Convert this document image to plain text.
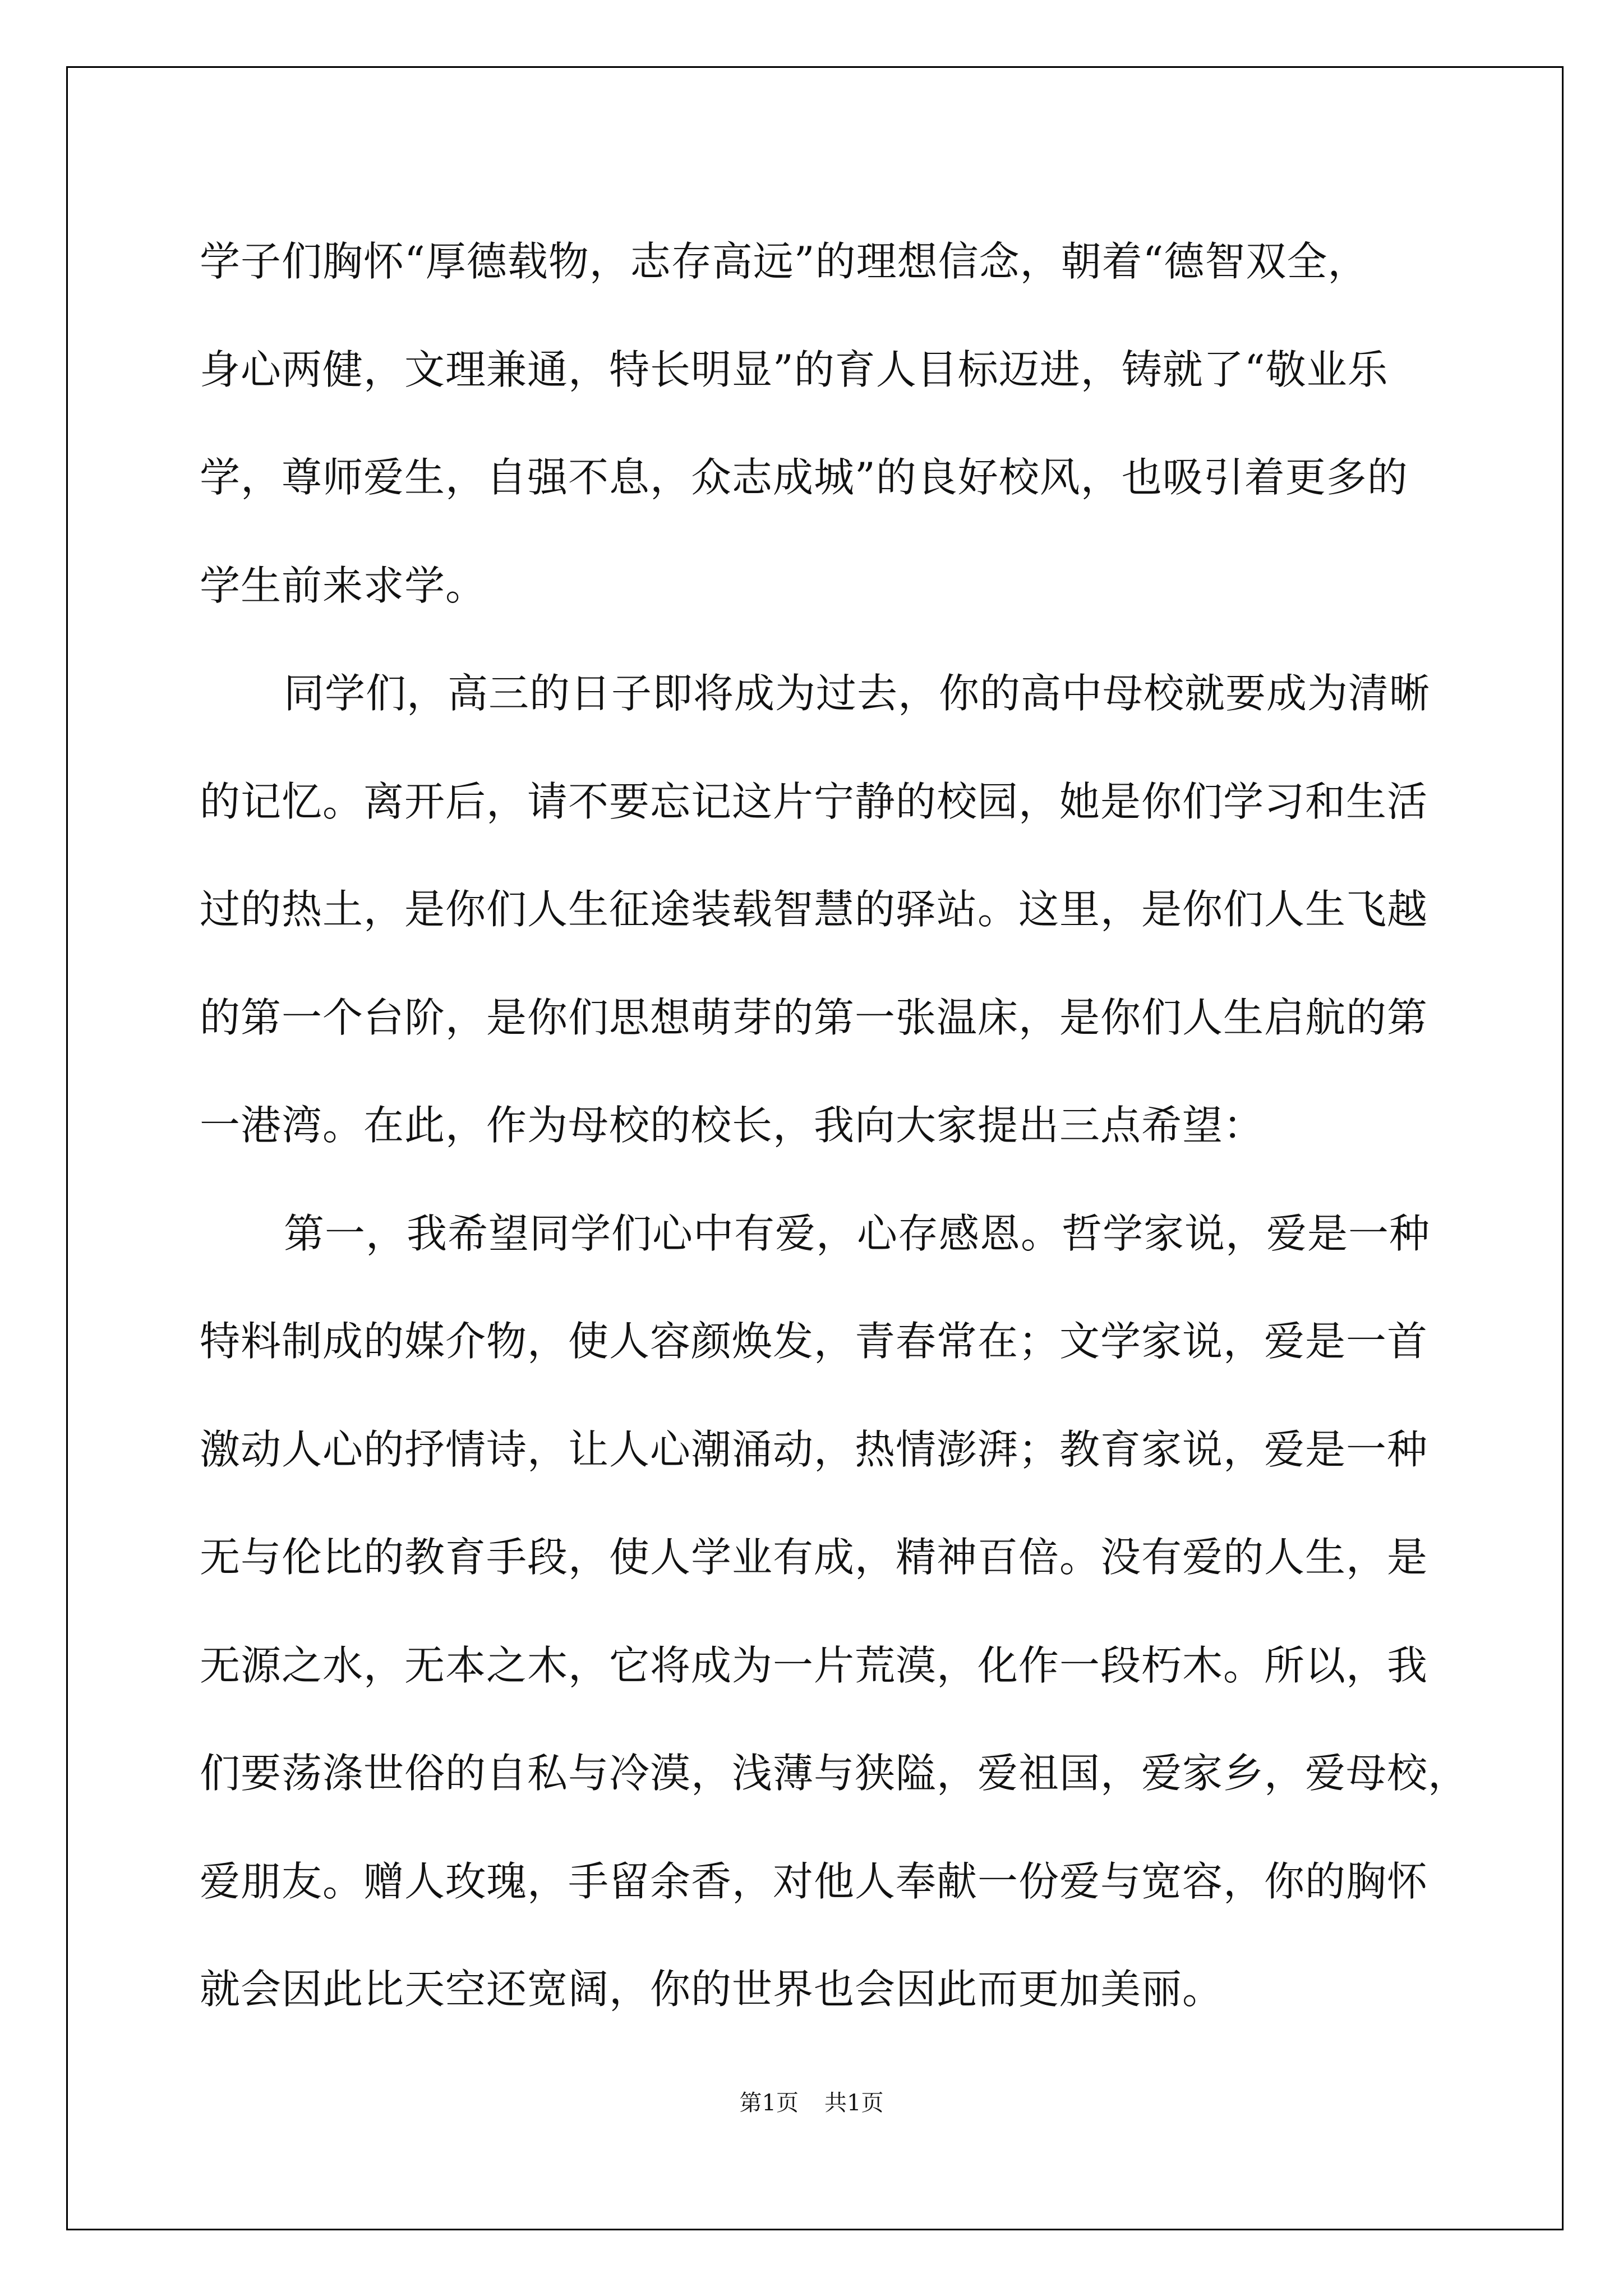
学子们胸怀“厚德载物，志存高远”的理想信念，朝着“德智双全，
身心两健，文理兼通，特长明显”的育人目标迈进，铸就了“敬业乐
学，尊师爱生，自强不息，众志成城”的良好校风，也吸引着更多的
学生前来求学。
同学们，高三的日子即将成为过去，你的高中母校就要成为清晰
的记忆。离开后，请不要忘记这片宁静的校园，她是你们学习和生活
过的热土，是你们人生征途装载智慧的驿站。这里，是你们人生飞越
的第一个台阶，是你们思想萌芽的第一张温床，是你们人生启航的第
一港湾。在此，作为母校的校长，我向大家提出三点希望：
第一，我希望同学们心中有爱，心存感恩。哲学家说，爱是一种
特料制成的媒介物，使人容颜焕发，青春常在；文学家说，爱是一首
激动人心的抒情诗，让人心潮涌动，热情澎湃；教育家说，爱是一种
无与伦比的教育手段，使人学业有成，精神百倍。没有爱的人生，是
无源之水，无本之木，它将成为一片荒漠，化作一段朽木。所以，我
们要荡涤世俗的自私与冷漠，浅薄与狭隘，爱祖国，爱家乡，爱母校，
爱朋友。赠人玫瑰，手留余香，对他人奉献一份爱与宽容，你的胸怀
就会因此比天空还宽阔，你的世界也会因此而更加美丽。
第1页 共1页
